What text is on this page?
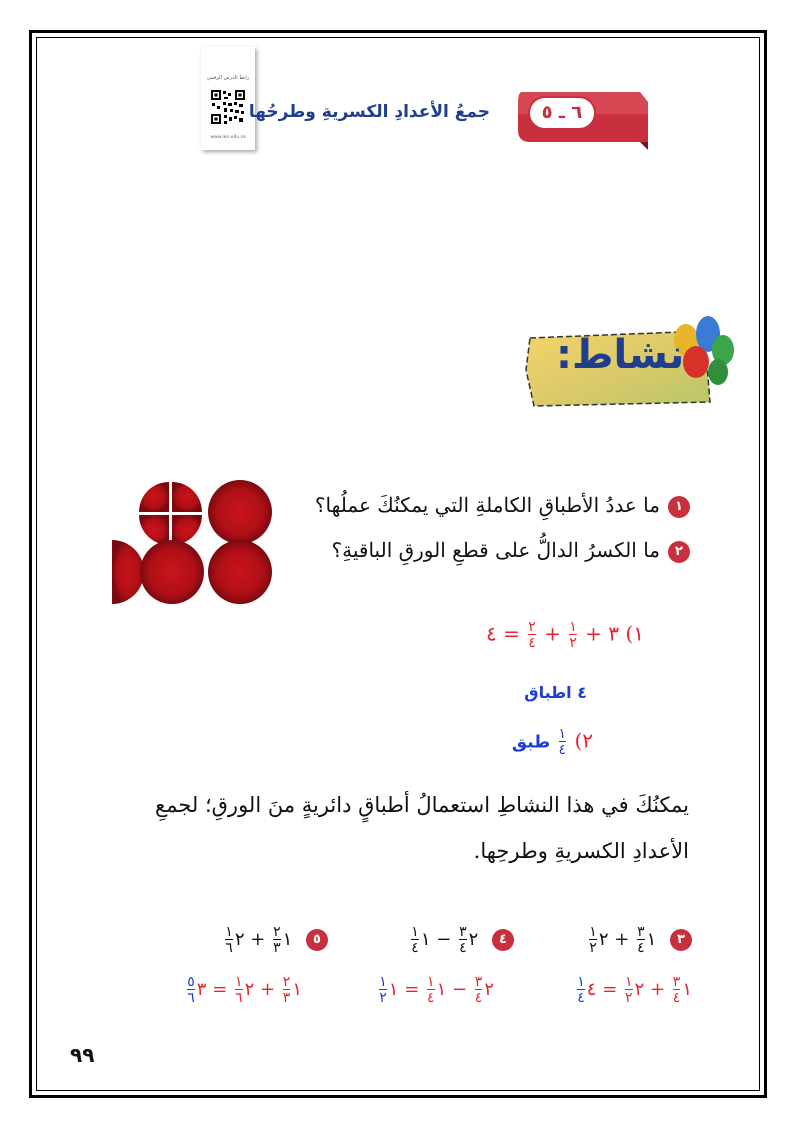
رابط الدرس الرقمي
www.ien.edu.sa
٦ ـ ٥
جمعُ الأعدادِ الكسريةِ وطرحُها
نشاط:
١ما عددُ الأطباقِ الكاملةِ التي يمكنُكَ عملُها؟
٢ما الكسرُ الدالُّ على قطعِ الورقِ الباقيةِ؟
١) ٣ +
$\frac{١}{٢}$
+
$\frac{٢}{٤}$
= ٤
٤ اطباق
٢)
$\frac{١}{٤}$
طبق
يمكنُكَ في هذا النشاطِ استعمالُ أطباقٍ دائريةٍ منَ الورقِ؛ لجمعِ الأعدادِ الكسريةِ وطرحِها.
٣ ١
$\frac{٣}{٤}$
+ ٢
$\frac{١}{٢}$
١
$\frac{٣}{٤}$
+ ٢
$\frac{١}{٢}$
= ٤
$\frac{١}{٤}$
٤ ٢
$\frac{٣}{٤}$
− ١
$\frac{١}{٤}$
٢
$\frac{٣}{٤}$
− ١
$\frac{١}{٤}$
= ١
$\frac{١}{٢}$
٥ ١
$\frac{٢}{٣}$
+ ٢
$\frac{١}{٦}$
١
$\frac{٢}{٣}$
+ ٢
$\frac{١}{٦}$
= ٣
$\frac{٥}{٦}$
٩٩
